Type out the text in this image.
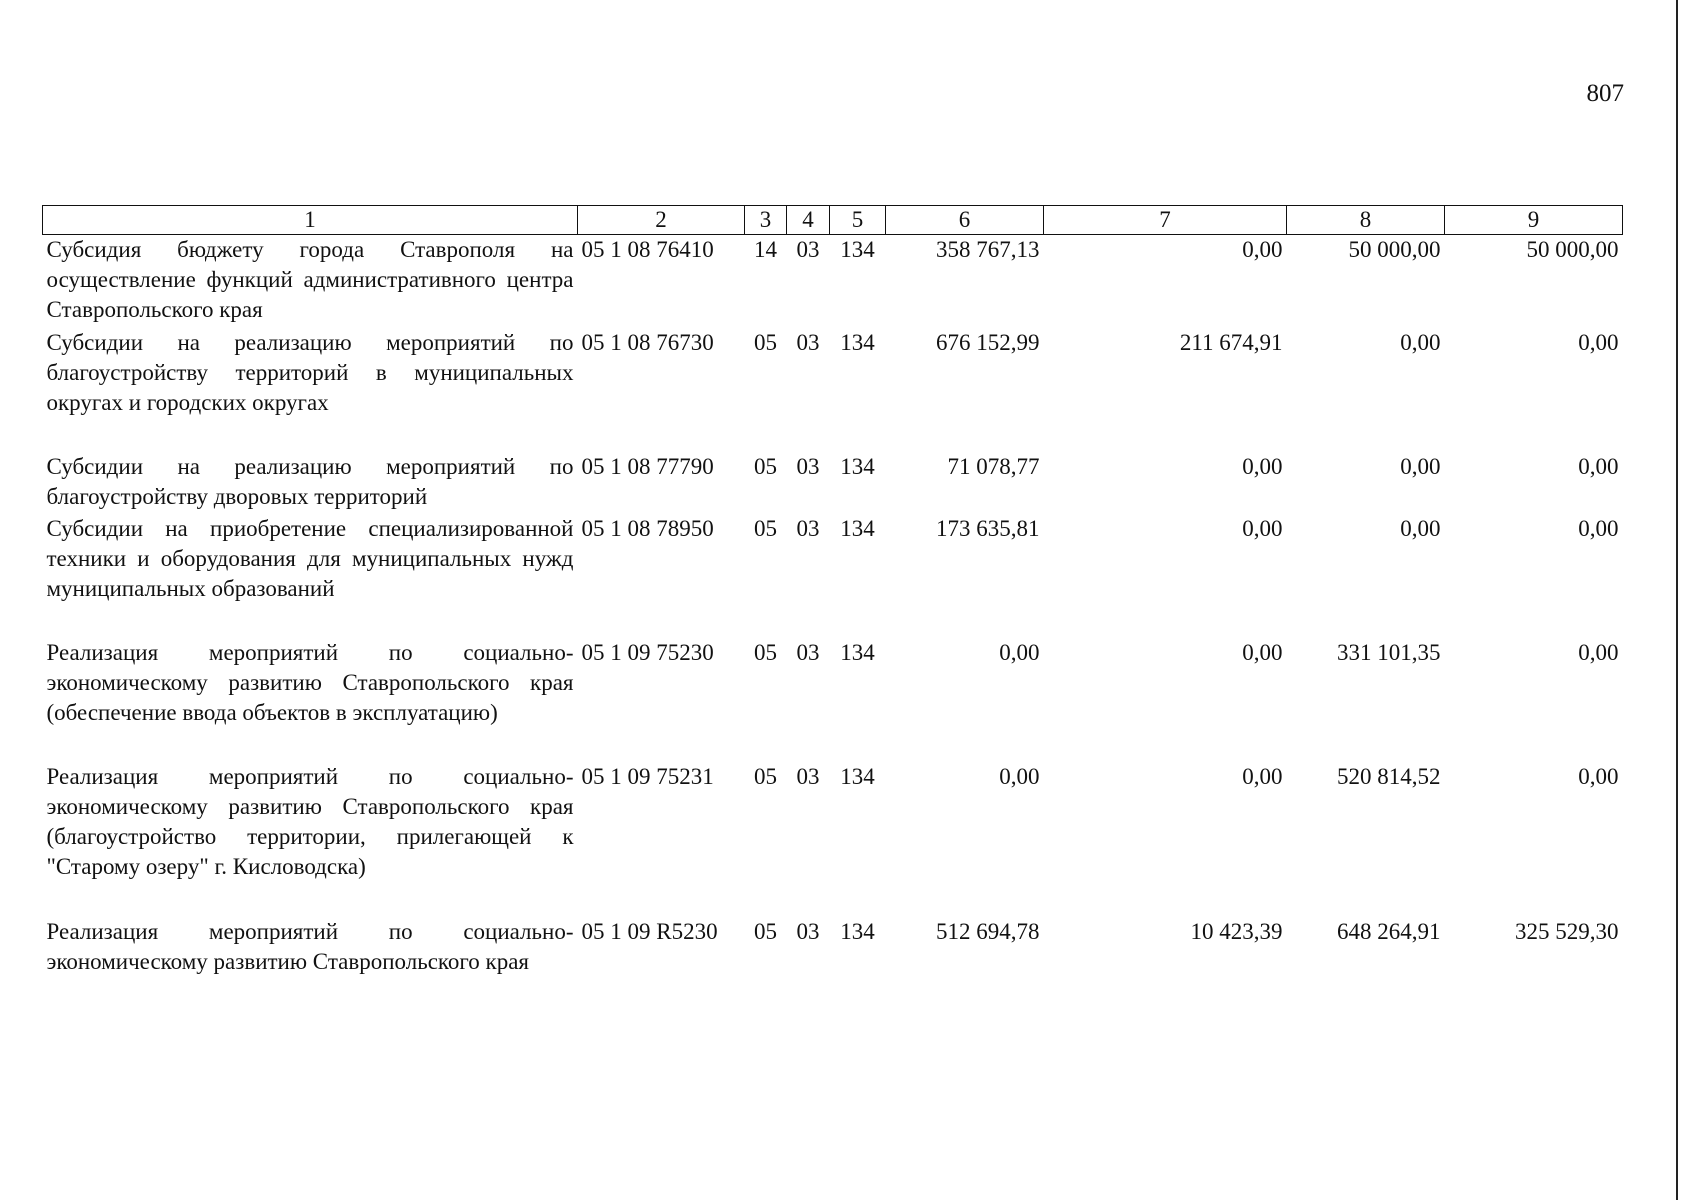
807
1	2	3	4	5	6	7	8	9
Субсидия бюджету города Ставрополя на осуществление функций административного центра Ставропольского края	05 1 08 76410	14	03	134	358 767,13	0,00	50 000,00	50 000,00
Субсидии на реализацию мероприятий по благоустройству территорий в муниципальных округах и городских округах	05 1 08 76730	05	03	134	676 152,99	211 674,91	0,00	0,00
Субсидии на реализацию мероприятий по благоустройству дворовых территорий	05 1 08 77790	05	03	134	71 078,77	0,00	0,00	0,00
Субсидии на приобретение специализированной техники и оборудования для муниципальных нужд муниципальных образований	05 1 08 78950	05	03	134	173 635,81	0,00	0,00	0,00
Реализация мероприятий по социально-экономическому развитию Ставропольского края (обеспечение ввода объектов в эксплуатацию)	05 1 09 75230	05	03	134	0,00	0,00	331 101,35	0,00
Реализация мероприятий по социально-экономическому развитию Ставропольского края (благоустройство территории, прилегающей к "Старому озеру" г. Кисловодска)	05 1 09 75231	05	03	134	0,00	0,00	520 814,52	0,00
Реализация мероприятий по социально-экономическому развитию Ставропольского края	05 1 09 R5230	05	03	134	512 694,78	10 423,39	648 264,91	325 529,30
